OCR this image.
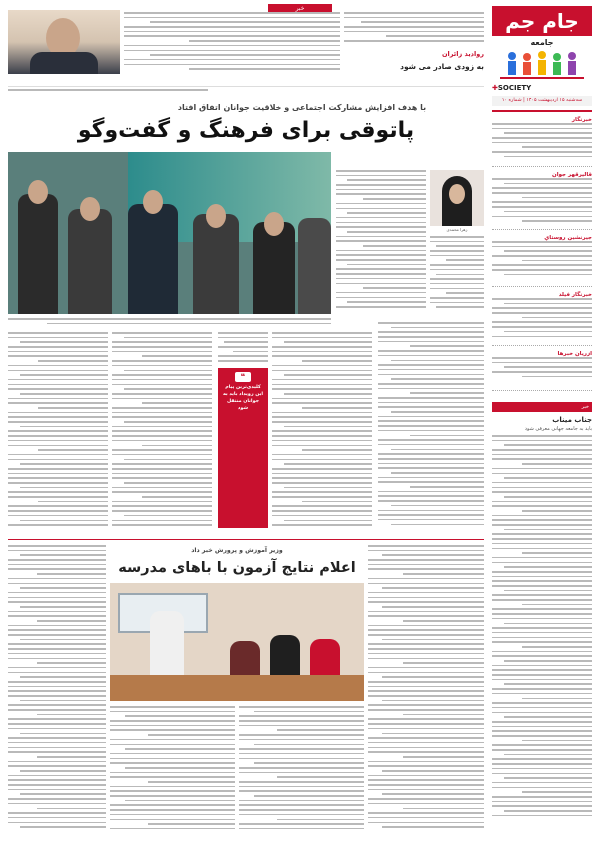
خبر
جام جم
جامعه
SOCIETY✚
سه‌شنبه ۱۵ اردیبهشت ۱۴۰۵ | شماره ۱۰
خبرنگار
قاليرقهر جوان
جيرنشين روستاي
خبرنگار فيلد
ازريان خبرها
خبر
جناب میناب
باید به جامعه جهانی معرفی شود
روادید زائران
به زودی صادر می شود
با هدف افزایش مشارکت اجتماعی و خلاقیت جوانان اتفاق افتاد
پاتوقی برای فرهنگ و گفت‌وگو
زهرا محمدی
❝
کلیدی‌ترین پیام این رویداد باید به جوانان منتقل شود
وزیر آموزش و پرورش خبر داد
اعلام نتایج آزمون با باهای مدرسه
